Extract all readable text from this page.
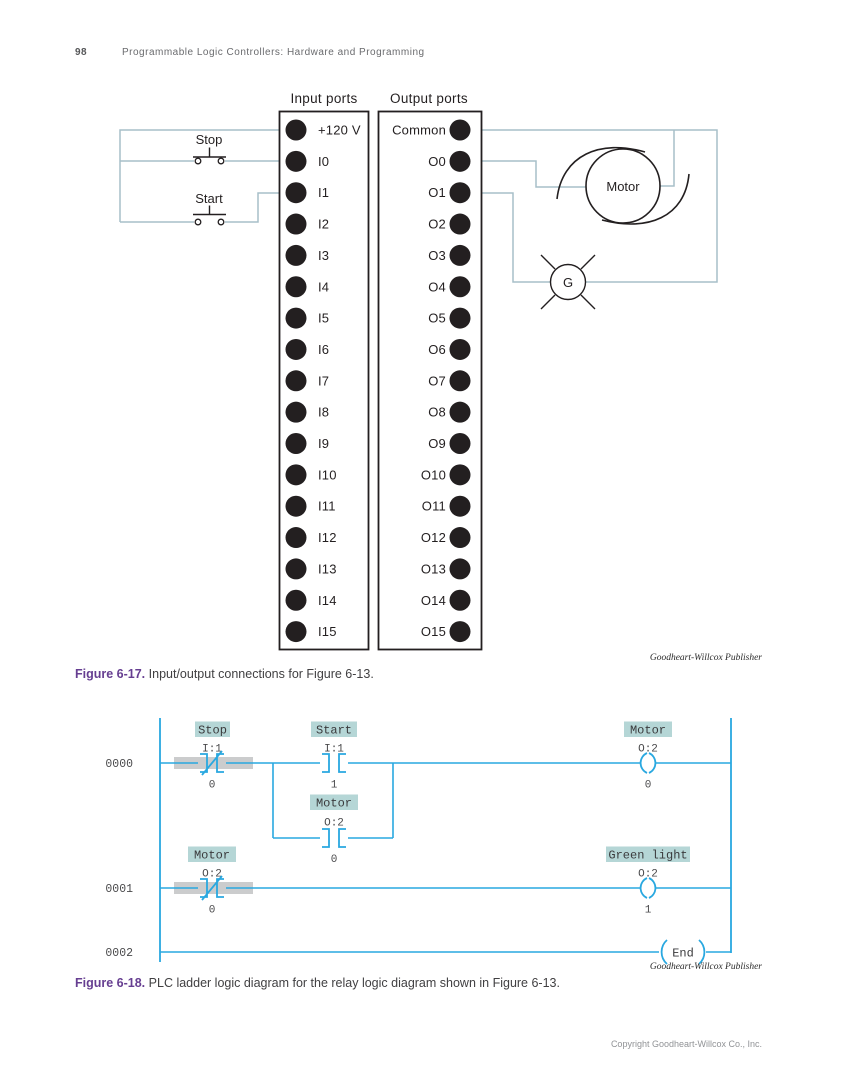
98	Programmable Logic Controllers: Hardware and Programming
Input ports Output ports
+120 V
I0
I1
I2
I3
I4
I5
I6
I7
I8
I9
I10
I11
I12
I13
I14
I15
Common
O0
O1
O2
O3
O4
O5
O6
O7
O8
O9
O10
O11
O12
O13
O14
O15
Stop
Start
Motor
G
0000
0001
0002
Stop
I:1
0
Start
I:1
1
Motor
O:2
0
Motor
O:2
0
Motor
O:2
0
Green light
O:2
1
End
Goodheart-Willcox Publisher
Figure 6-17. Input/output connections for Figure 6-13.
Goodheart-Willcox Publisher
Figure 6-18. PLC ladder logic diagram for the relay logic diagram shown in Figure 6-13.
Copyright Goodheart-Willcox Co., Inc.
